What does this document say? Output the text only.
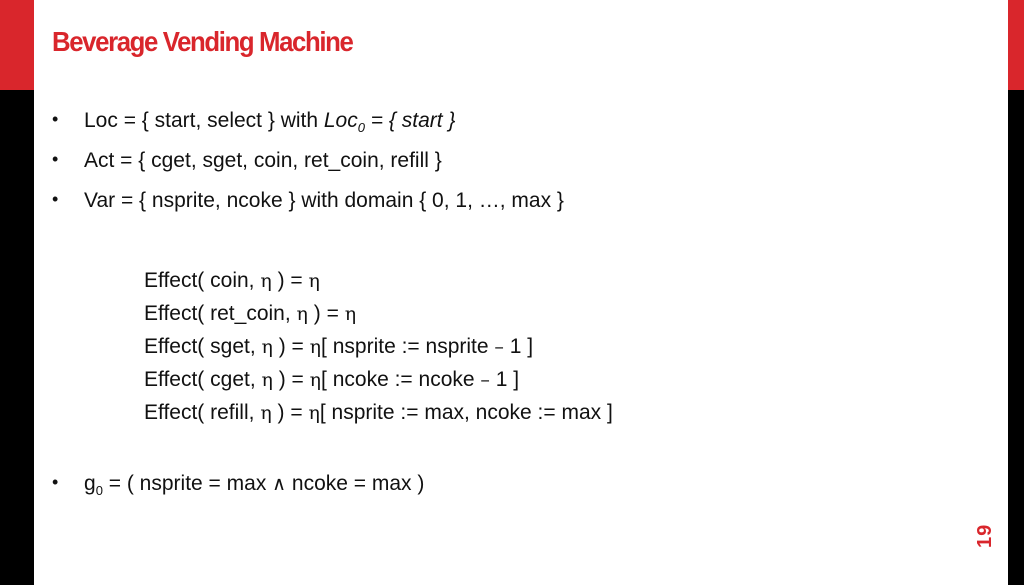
Beverage Vending Machine
• Loc = { start, select } with Loc$_0$ = { start }
• Act = { cget, sget, coin, ret_coin, refill }
• Var = { nsprite, ncoke } with domain { 0, 1, …, max }
Effect( coin, η ) = η
Effect( ret_coin, η ) = η
Effect( sget, η ) = η[ nsprite := nsprite – 1 ]
Effect( cget, η ) = η[ ncoke := ncoke – 1 ]
Effect( refill, η ) = η[ nsprite := max, ncoke := max ]
• $g_0$ = ( nsprite = max ∧ ncoke = max )
19
